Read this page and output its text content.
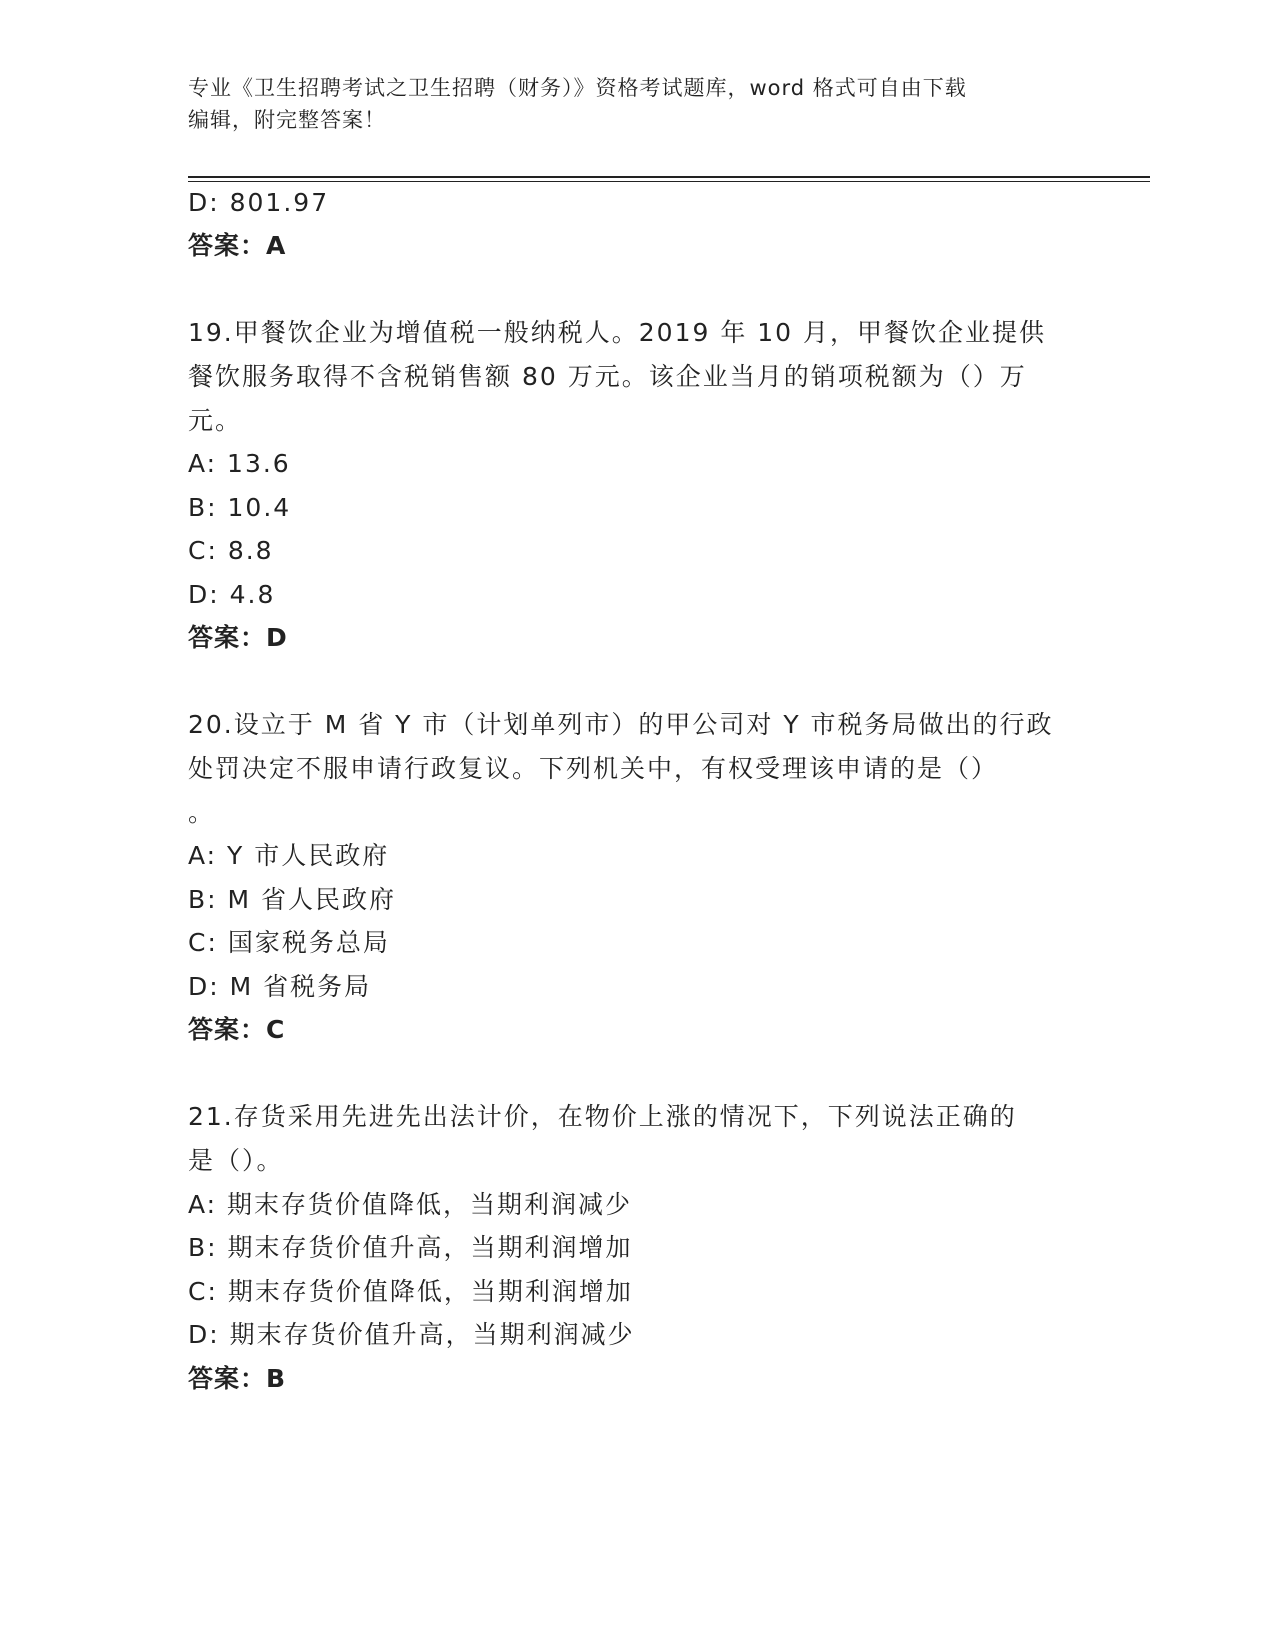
专业《卫生招聘考试之卫生招聘（财务）》资格考试题库，word 格式可自由下载
编辑，附完整答案！
D: 801.97
答案：A
19.甲餐饮企业为增值税一般纳税人。2019 年 10 月，甲餐饮企业提供
餐饮服务取得不含税销售额 80 万元。该企业当月的销项税额为（）万
元。
A: 13.6
B: 10.4
C: 8.8
D: 4.8
答案：D
20.设立于 M 省 Y 市（计划单列市）的甲公司对 Y 市税务局做出的行政
处罚决定不服申请行政复议。下列机关中，有权受理该申请的是（）
。
A: Y 市人民政府
B: M 省人民政府
C: 国家税务总局
D: M 省税务局
答案：C
21.存货采用先进先出法计价，在物价上涨的情况下，下列说法正确的
是（）。
A: 期末存货价值降低，当期利润减少
B: 期末存货价值升高，当期利润增加
C: 期末存货价值降低，当期利润增加
D: 期末存货价值升高，当期利润减少
答案：B
